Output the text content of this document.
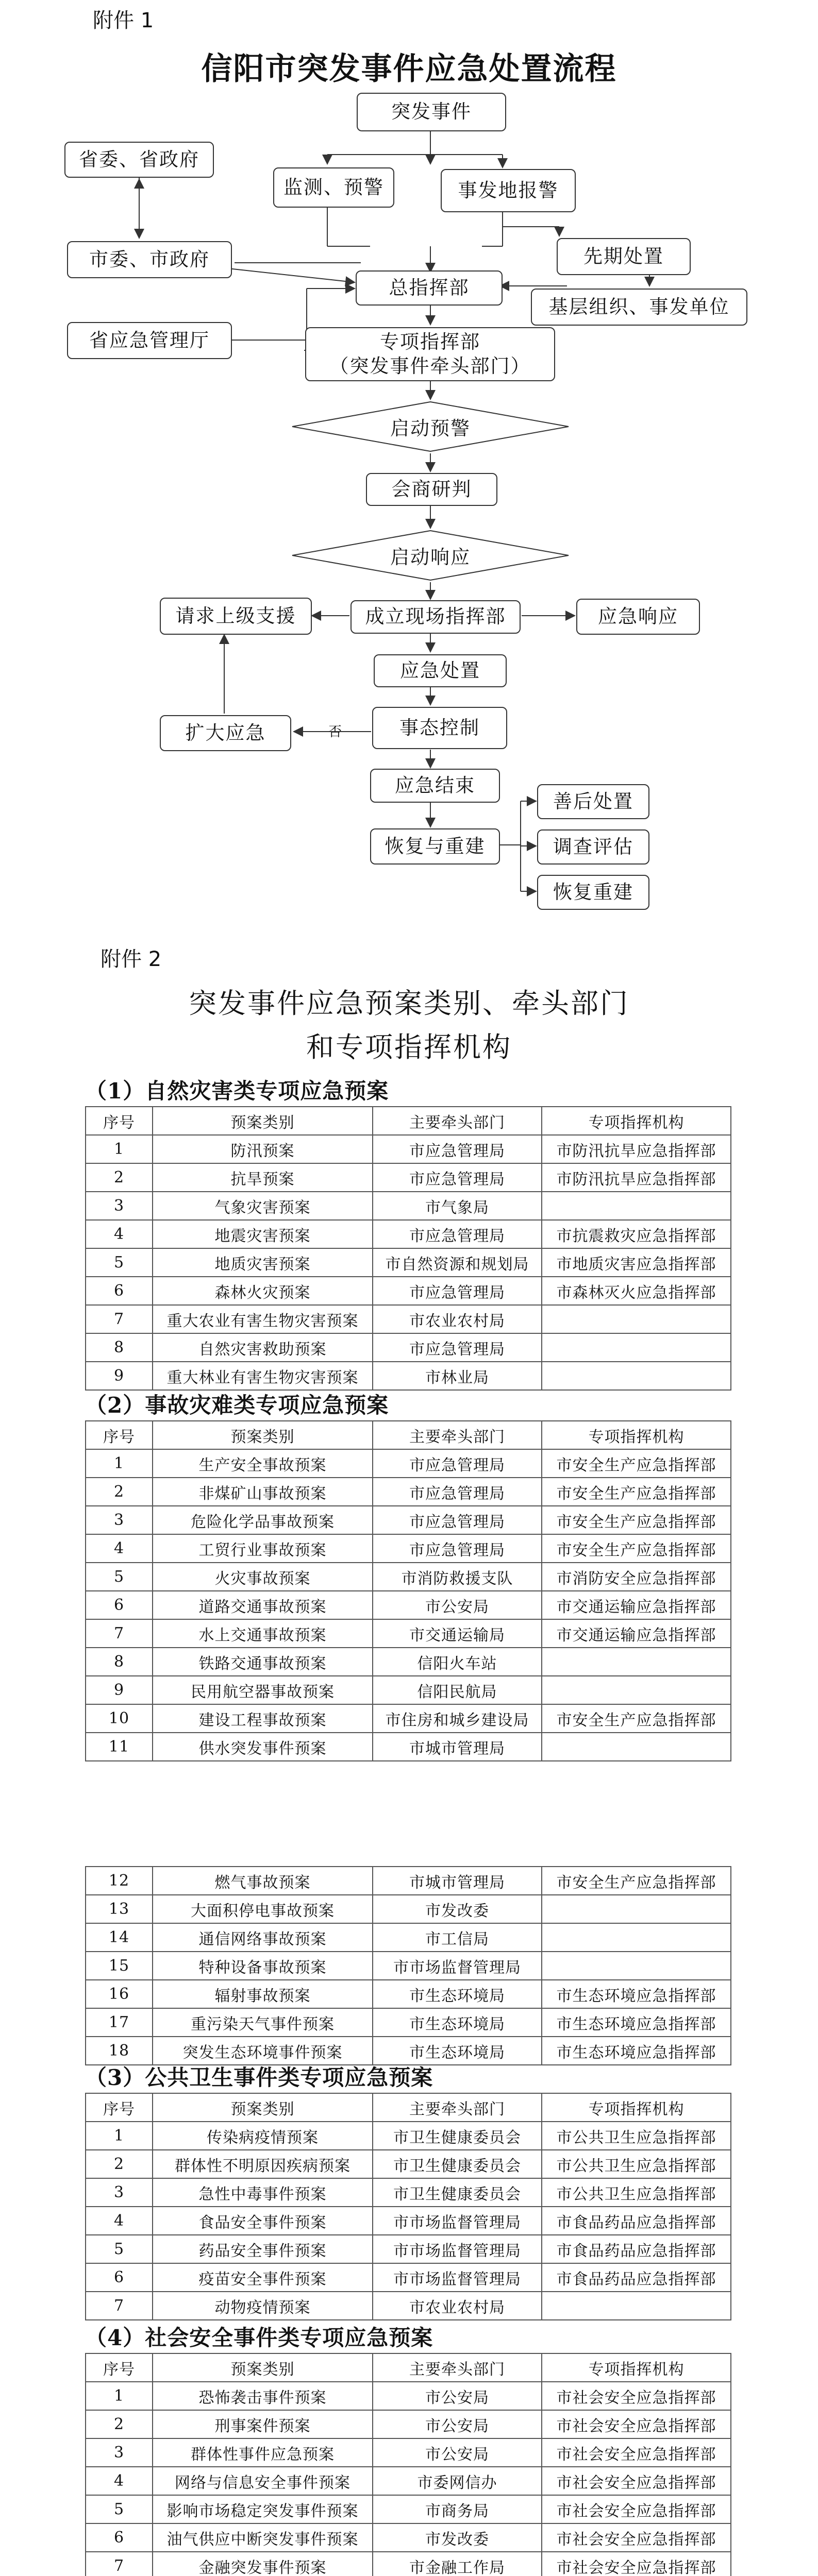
附件 1
信阳市突发事件应急处置流程
突发事件
监测、预警	事发地报警
省委、省政府
市委、市政府	先期处置
总指挥部
基层组织、事发单位
省应急管理厅	专项指挥部
（突发事件牵头部门）
启动预警
会商研判
启动响应
请求上级支援	成立现场指挥部	应急响应
应急处置
事态控制
扩大应急	否
应急结束
恢复与重建
善后处置
调查评估
恢复重建
附件 2
突发事件应急预案类别、牵头部门
和专项指挥机构
（1）自然灾害类专项应急预案
序号	预案类别	主要牵头部门	专项指挥机构
1	防汛预案	市应急管理局	市防汛抗旱应急指挥部
2	抗旱预案	市应急管理局	市防汛抗旱应急指挥部
3	气象灾害预案	市气象局	
4	地震灾害预案	市应急管理局	市抗震救灾应急指挥部
5	地质灾害预案	市自然资源和规划局	市地质灾害应急指挥部
6	森林火灾预案	市应急管理局	市森林灭火应急指挥部
7	重大农业有害生物灾害预案	市农业农村局	
8	自然灾害救助预案	市应急管理局	
9	重大林业有害生物灾害预案	市林业局	
（2）事故灾难类专项应急预案
序号	预案类别	主要牵头部门	专项指挥机构
1	生产安全事故预案	市应急管理局	市安全生产应急指挥部
2	非煤矿山事故预案	市应急管理局	市安全生产应急指挥部
3	危险化学品事故预案	市应急管理局	市安全生产应急指挥部
4	工贸行业事故预案	市应急管理局	市安全生产应急指挥部
5	火灾事故预案	市消防救援支队	市消防安全应急指挥部
6	道路交通事故预案	市公安局	市交通运输应急指挥部
7	水上交通事故预案	市交通运输局	市交通运输应急指挥部
8	铁路交通事故预案	信阳火车站	
9	民用航空器事故预案	信阳民航局	
10	建设工程事故预案	市住房和城乡建设局	市安全生产应急指挥部
11	供水突发事件预案	市城市管理局	
12	燃气事故预案	市城市管理局	市安全生产应急指挥部
13	大面积停电事故预案	市发改委	
14	通信网络事故预案	市工信局	
15	特种设备事故预案	市市场监督管理局	
16	辐射事故预案	市生态环境局	市生态环境应急指挥部
17	重污染天气事件预案	市生态环境局	市生态环境应急指挥部
18	突发生态环境事件预案	市生态环境局	市生态环境应急指挥部
（3）公共卫生事件类专项应急预案
序号	预案类别	主要牵头部门	专项指挥机构
1	传染病疫情预案	市卫生健康委员会	市公共卫生应急指挥部
2	群体性不明原因疾病预案	市卫生健康委员会	市公共卫生应急指挥部
3	急性中毒事件预案	市卫生健康委员会	市公共卫生应急指挥部
4	食品安全事件预案	市市场监督管理局	市食品药品应急指挥部
5	药品安全事件预案	市市场监督管理局	市食品药品应急指挥部
6	疫苗安全事件预案	市市场监督管理局	市食品药品应急指挥部
7	动物疫情预案	市农业农村局	
（4）社会安全事件类专项应急预案
序号	预案类别	主要牵头部门	专项指挥机构
1	恐怖袭击事件预案	市公安局	市社会安全应急指挥部
2	刑事案件预案	市公安局	市社会安全应急指挥部
3	群体性事件应急预案	市公安局	市社会安全应急指挥部
4	网络与信息安全事件预案	市委网信办	市社会安全应急指挥部
5	影响市场稳定突发事件预案	市商务局	市社会安全应急指挥部
6	油气供应中断突发事件预案	市发改委	市社会安全应急指挥部
7	金融突发事件预案	市金融工作局	市社会安全应急指挥部
